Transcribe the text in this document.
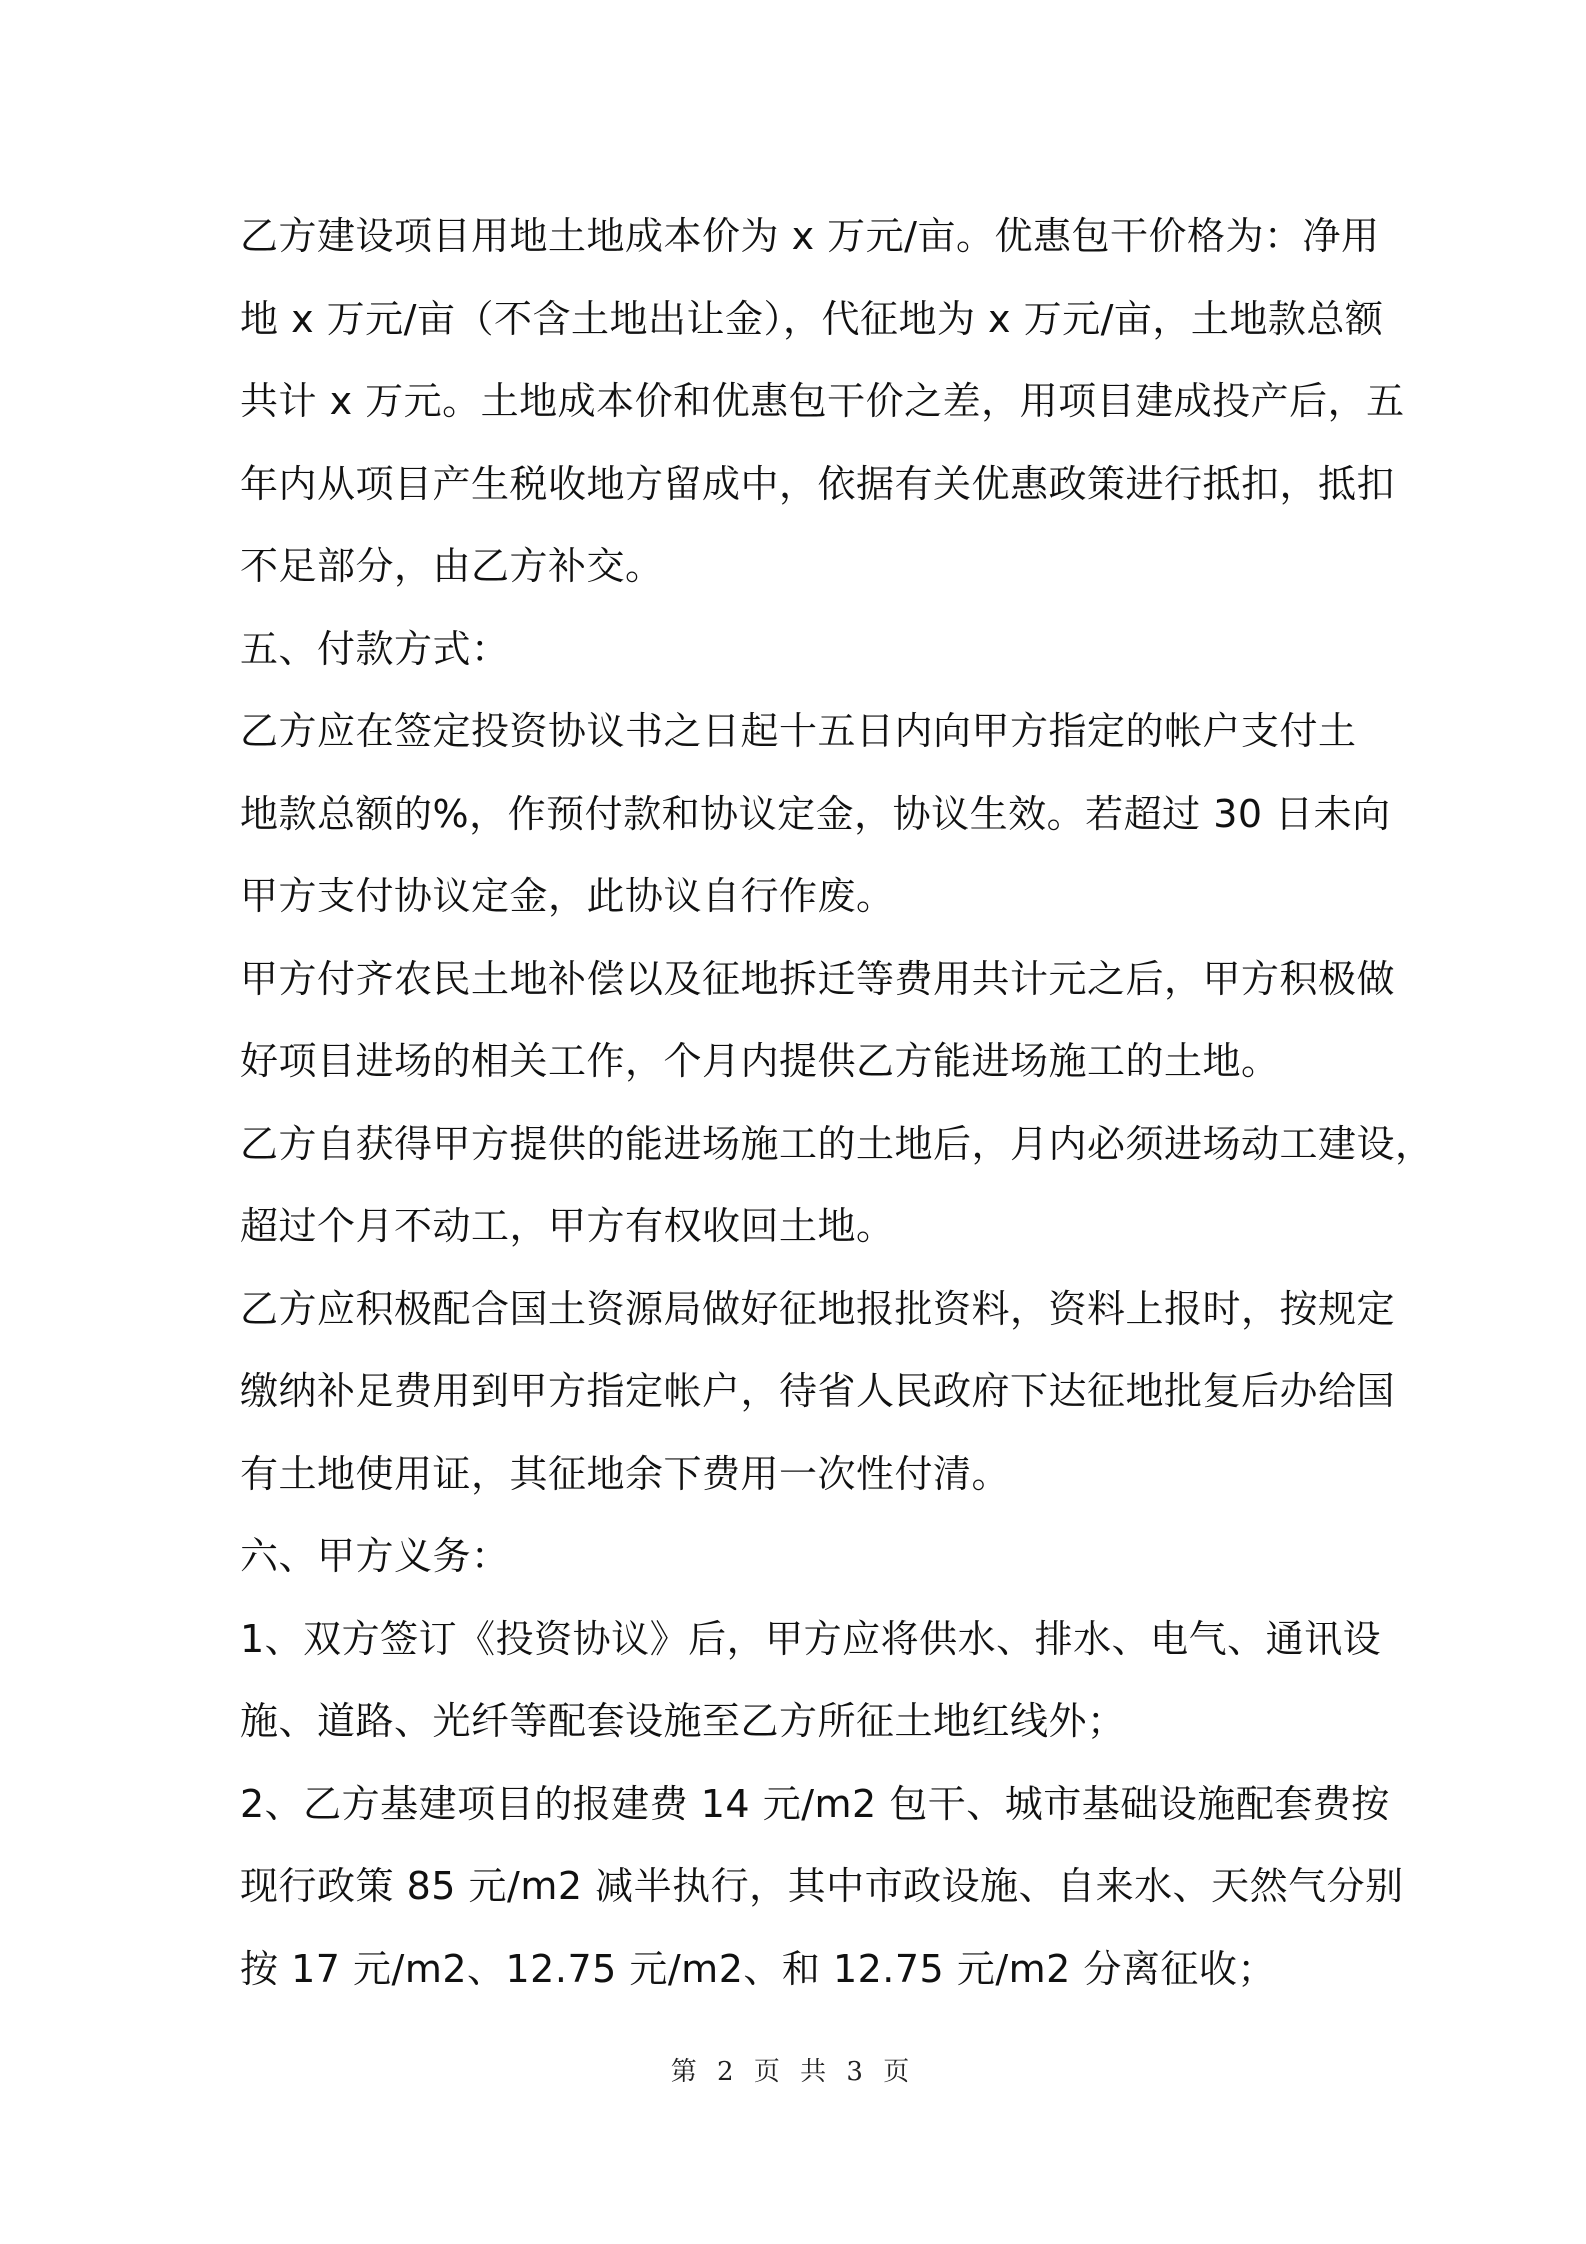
乙方建设项目用地土地成本价为 x 万元/亩。优惠包干价格为：净用
地 x 万元/亩（不含土地出让金），代征地为 x 万元/亩，土地款总额
共计 x 万元。土地成本价和优惠包干价之差，用项目建成投产后，五
年内从项目产生税收地方留成中，依据有关优惠政策进行抵扣，抵扣
不足部分，由乙方补交。
五、付款方式：
乙方应在签定投资协议书之日起十五日内向甲方指定的帐户支付土
地款总额的%，作预付款和协议定金，协议生效。若超过 30 日未向
甲方支付协议定金，此协议自行作废。
甲方付齐农民土地补偿以及征地拆迁等费用共计元之后，甲方积极做
好项目进场的相关工作，个月内提供乙方能进场施工的土地。
乙方自获得甲方提供的能进场施工的土地后，月内必须进场动工建设，
超过个月不动工，甲方有权收回土地。
乙方应积极配合国土资源局做好征地报批资料，资料上报时，按规定
缴纳补足费用到甲方指定帐户，待省人民政府下达征地批复后办给国
有土地使用证，其征地余下费用一次性付清。
六、甲方义务：
1、双方签订《投资协议》后，甲方应将供水、排水、电气、通讯设
施、道路、光纤等配套设施至乙方所征土地红线外；
2、乙方基建项目的报建费 14 元/m2 包干、城市基础设施配套费按
现行政策 85 元/m2 减半执行，其中市政设施、自来水、天然气分别
按 17 元/m2、12.75 元/m2、和 12.75 元/m2 分离征收；

第 2 页 共 3 页
